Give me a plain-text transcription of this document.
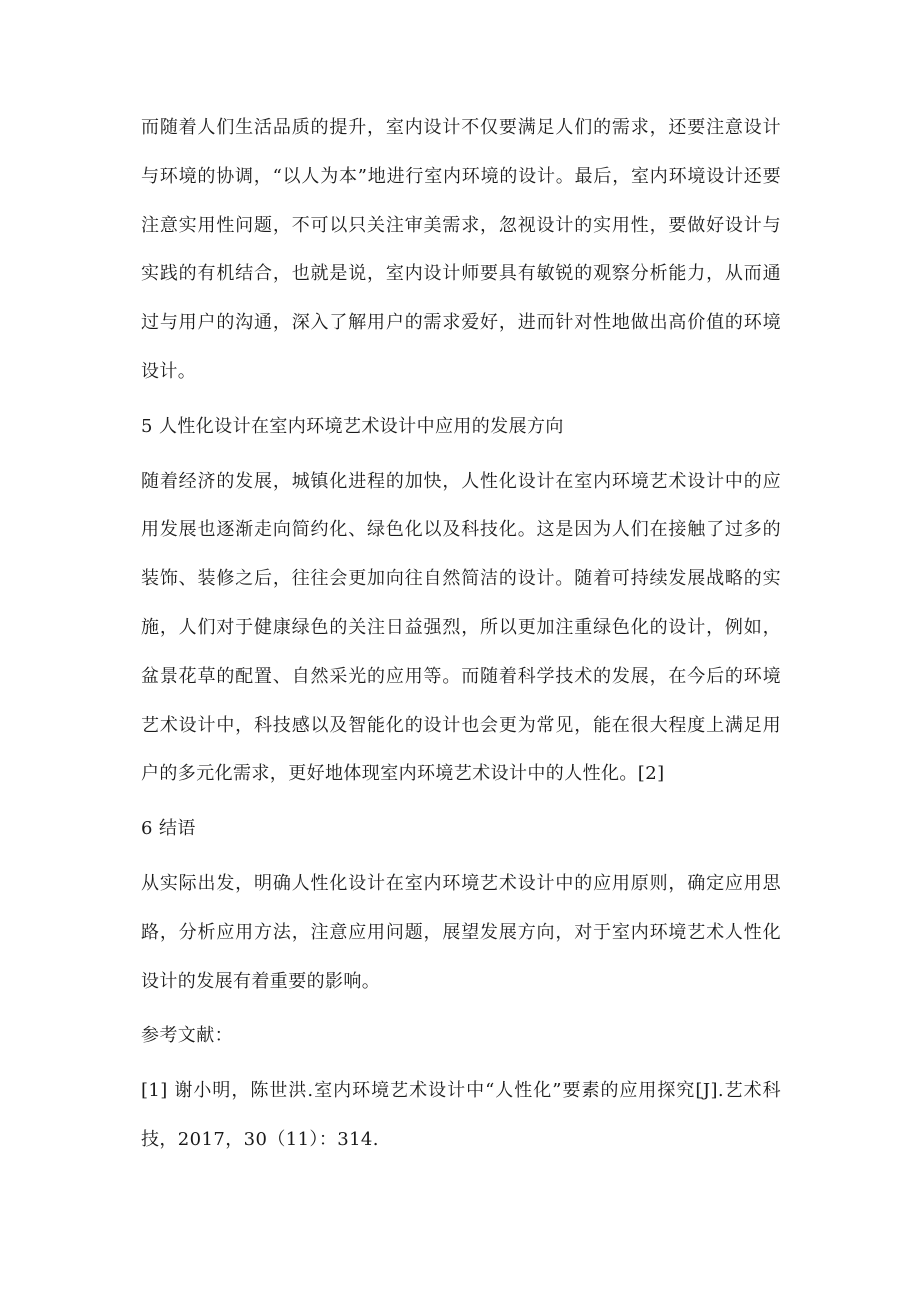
而随着人们生活品质的提升，室内设计不仅要满足人们的需求，还要注意设计与环境的协调，“以人为本”地进行室内环境的设计。最后，室内环境设计还要注意实用性问题，不可以只关注审美需求，忽视设计的实用性，要做好设计与实践的有机结合，也就是说，室内设计师要具有敏锐的观察分析能力，从而通过与用户的沟通，深入了解用户的需求爱好，进而针对性地做出高价值的环境设计。

5 人性化设计在室内环境艺术设计中应用的发展方向

随着经济的发展，城镇化进程的加快，人性化设计在室内环境艺术设计中的应用发展也逐渐走向简约化、绿色化以及科技化。这是因为人们在接触了过多的装饰、装修之后，往往会更加向往自然简洁的设计。随着可持续发展战略的实施，人们对于健康绿色的关注日益强烈，所以更加注重绿色化的设计，例如，盆景花草的配置、自然采光的应用等。而随着科学技术的发展，在今后的环境艺术设计中，科技感以及智能化的设计也会更为常见，能在很大程度上满足用户的多元化需求，更好地体现室内环境艺术设计中的人性化。[2]

6 结语

从实际出发，明确人性化设计在室内环境艺术设计中的应用原则，确定应用思路，分析应用方法，注意应用问题，展望发展方向，对于室内环境艺术人性化设计的发展有着重要的影响。

参考文献：

[1] 谢小明，陈世洪.室内环境艺术设计中“人性化”要素的应用探究[J].艺术科技，2017，30（11）：314.
